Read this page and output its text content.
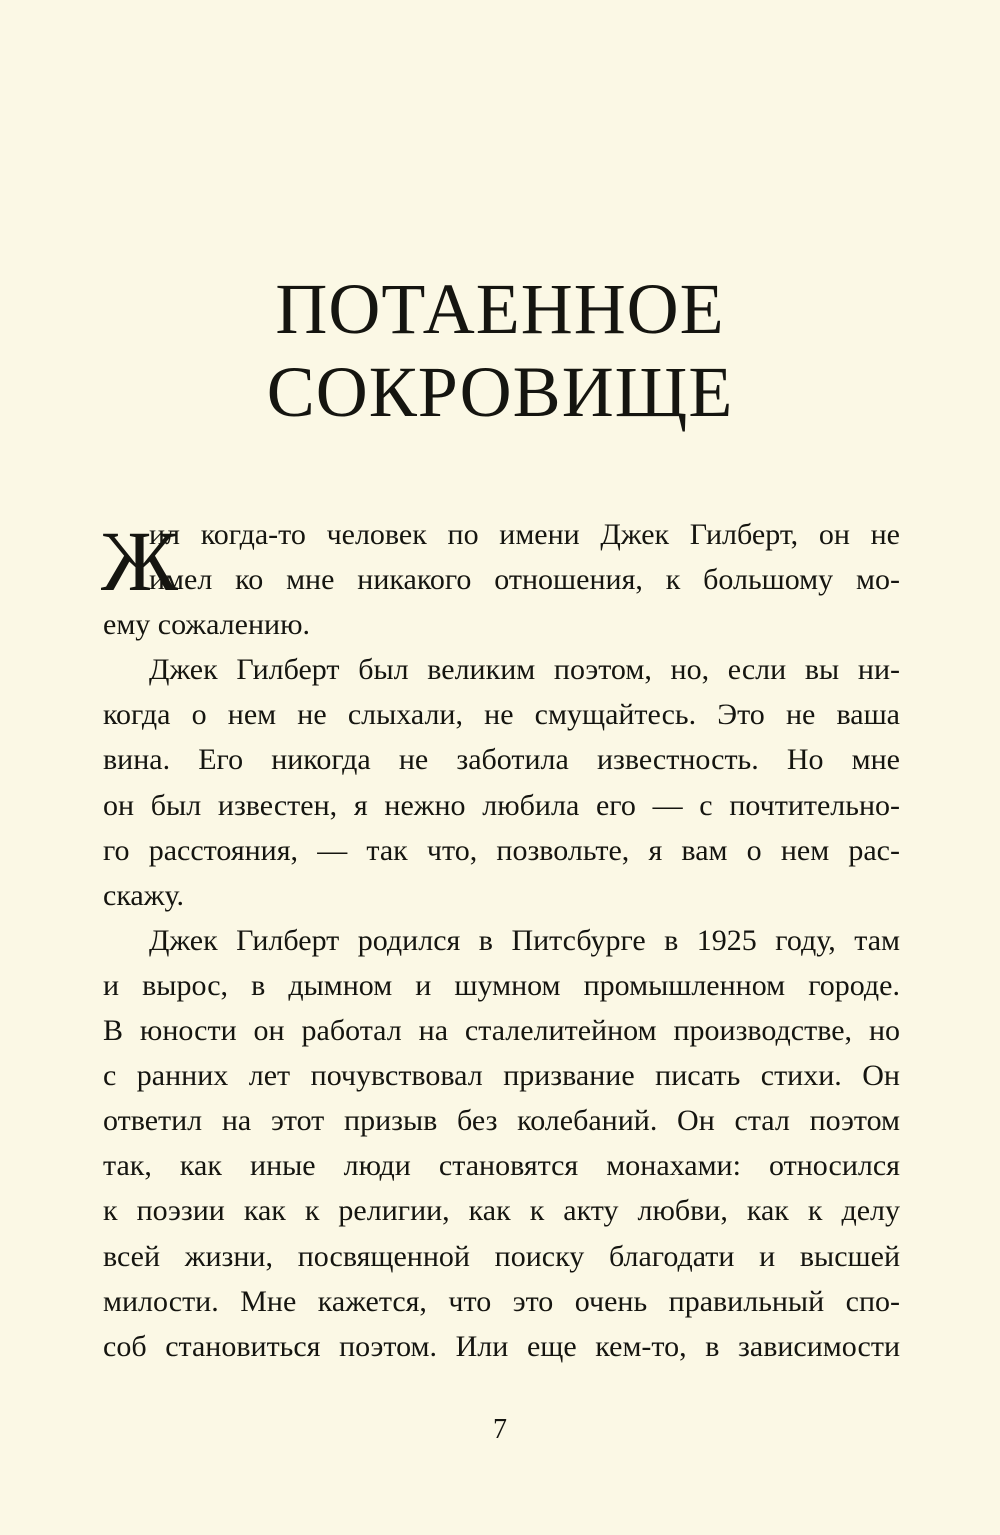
ПОТАЕННОЕ
СОКРОВИЩЕ
Ж
ил когда-то человек по имени Джек Гилберт, он не
имел ко мне никакого отношения, к большому мо-
ему сожалению.
Джек Гилберт был великим поэтом, но, если вы ни-
когда о нем не слыхали, не смущайтесь. Это не ваша
вина. Его никогда не заботила известность. Но мне
он был известен, я нежно любила его — с почтительно-
го расстояния, — так что, позвольте, я вам о нем рас-
скажу.
Джек Гилберт родился в Питсбурге в 1925 году, там
и вырос, в дымном и шумном промышленном городе.
В юности он работал на сталелитейном производстве, но
с ранних лет почувствовал призвание писать стихи. Он
ответил на этот призыв без колебаний. Он стал поэтом
так, как иные люди становятся монахами: относился
к поэзии как к религии, как к акту любви, как к делу
всей жизни, посвященной поиску благодати и высшей
милости. Мне кажется, что это очень правильный спо-
соб становиться поэтом. Или еще кем-то, в зависимости
7
